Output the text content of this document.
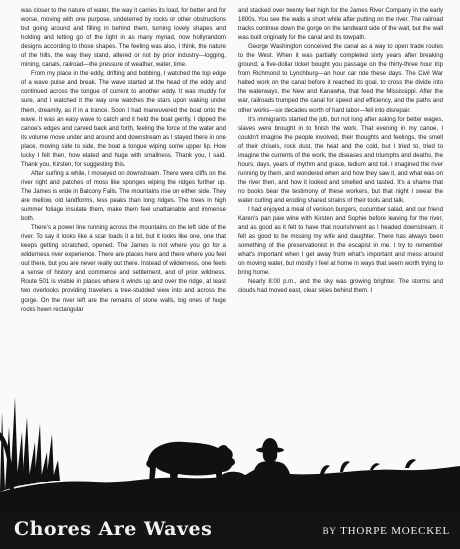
was closer to the nature of water, the way it carries its load, for better and for worse, moving with one purpose, undeterred by rocks or other obstructions but going around and filling in behind them, turning lovely shapes and holding and letting go of the light in as many myriad, now hollyrandom designs according to those shapes. The feeling was also, I think, the nature of the hills, the way they stand, altered or not by prior industry—logging, mining, canals, railroad—the pressure of weather, water, time.

From my place in the eddy, drifting and bobbing, I watched the top edge of a wave pulse and break. The wave started at the head of the eddy and continued across the tongue of current to another eddy. It was muddy for sure, and I watched it the way one watches the stars upon waking under them, dreamily, as if in a trance. Soon I had maneuvered the boat onto the wave. It was an easy wave to catch and it held the boat gently. I dipped the canoe's edges and carved back and forth, feeling the force of the water and its volume move under and around and downstream as I stayed there in one place, moving side to side, the boat a tongue wiping some upper lip. How lucky I felt then, how elated and huge with smallness. Thank you, I said. Thank you, Kirsten, for suggesting this.

After surfing a while, I moseyed on downstream. There were cliffs on the river right and patches of moss like sponges wiping the ridges further up. The James is wide in Balcony Falls. The mountains rise on either side. They are mellow, old landforms, less peaks than long ridges. The trees in high summer foliage insulate them, make them feel unattainable and immense both.

There's a power line running across the mountains on the left side of the river. To say it looks like a scar loads it a bit, but it looks like one, one that keeps getting scratched, opened. The James is not where you go for a wilderness river experience. There are places here and there where you feel out there, but you are never really out there. Instead of wilderness, one feels a sense of history and commerce and settlement, and of prior wildness. Route 501 is visible in places where it winds up and over the ridge, at least two overlooks providing travelers a tree-studded view into and across the gorge. On the river left are the remains of stone walls, big ones of huge rocks hewn rectangular

and stacked over twenty feet high for the James River Company in the early 1800s. You see the walls a short while after putting on the river. The railroad tracks continue down the gorge on the landward side of the wall, but the wall was built originally for the canal and its towpath.

George Washington conceived the canal as a way to open trade routes to the West. When it was partially completed sixty years after breaking ground, a five-dollar ticket bought you passage on the thirty-three hour trip from Richmond to Lynchburg—an hour car ride these days. The Civil War halted work on the canal before it reached its goal, to cross the divide into the waterways, the New and Kanawha, that feed the Mississippi. After the war, railroads trumped the canal for speed and efficiency, and the paths and other works—six decades worth of hard labor—fell into disrepair.

It's immigrants started the job, but not long after asking for better wages, slaves were brought in to finish the work. That evening in my canoe, I couldn't imagine the people involved, their thoughts and feelings, the smell of their chisels, rock dust, the heat and the cold, but I tried to, tried to imagine the currents of the work, the diseases and triumphs and deaths, the hours, days, years of rhythm and grace, tedium and toil. I imagined the river running by them, and wondered when and how they saw it, and what was on the river then, and how it looked and smelled and tasted. It's a shame that no books bear the testimony of these workers, but that night I swear the water curling and eroding shared strains of their tools and talk.

I had enjoyed a meal of venison burgers, cucumber salad, and our friend Karen's pan paw wine with Kirsten and Sophie before leaving for the river, and as good as it felt to have that nourishment as I headed downstream, it felt as good to be missing my wife and daughter. There has always been something of the preservationist in the escapist in me. I try to remember what's important when I get away from what's important and mess around on moving water, but mostly I feel at home in ways that seem worth trying to bring home.

Nearly 8:00 p.m., and the sky was growing brighter. The storms and clouds had moved east, clear skies behind them. I

Chores Are Waves	BY THORPE MOECKEL
